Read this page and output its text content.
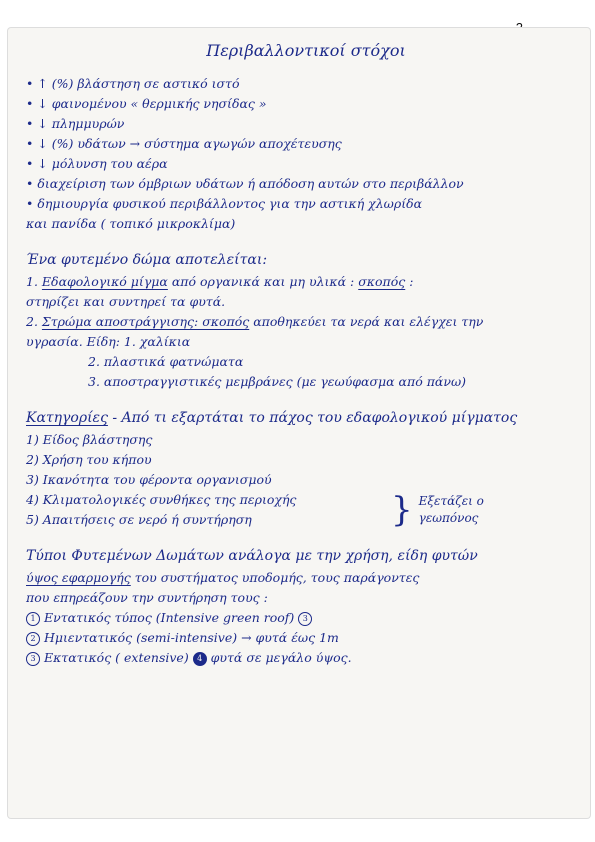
Περιβαλλοντικοί στόχοι
• ↑ (%) βλάστηση σε αστικό ιστό
• ↓ φαινομένου « θερμικής νησίδας »
• ↓ πλημμυρών
• ↓ (%) υδάτων → σύστημα αγωγών αποχέτευσης
• ↓ μόλυνση του αέρα
• διαχείριση των όμβριων υδάτων ή απόδοση αυτών στο περιβάλλον
• δημιουργία φυσικού περιβάλλοντος για την αστική χλωρίδα
και πανίδα ( τοπικό μικροκλίμα)
Ένα φυτεμένο δώμα αποτελείται:
1. Εδαφολογικό μίγμα από οργανικά και μη υλικά : σκοπός :
στηρίζει και συντηρεί τα φυτά.
2. Στρώμα αποστράγγισης: σκοπός αποθηκεύει τα νερά και ελέγχει την
υγρασία. Είδη: 1. χαλίκια
2. πλαστικά φατνώματα
3. αποστραγγιστικές μεμβράνες (με γεωύφασμα από πάνω)
Κατηγορίες - Από τι εξαρτάται το πάχος του εδαφολογικού μίγματος
1) Είδος βλάστησης
2) Χρήση του κήπου
3) Ικανότητα του φέροντα οργανισμού
4) Κλιματολογικές συνθήκες της περιοχής
5) Απαιτήσεις σε νερό ή συντήρηση	} Εξετάζει ο
γεωπόνος
Τύποι Φυτεμένων Δωμάτων ανάλογα με την χρήση, είδη φυτών
ύψος εφαρμογής του συστήματος υποδομής, τους παράγοντες
που επηρεάζουν την συντήρηση τους :
1 Εντατικός τύπος (Intensive green roof) 3
2 Ημιεντατικός (semi-intensive) → φυτά έως 1m
3 Εκτατικός ( extensive) 4 φυτά σε μεγάλο ύψος.
